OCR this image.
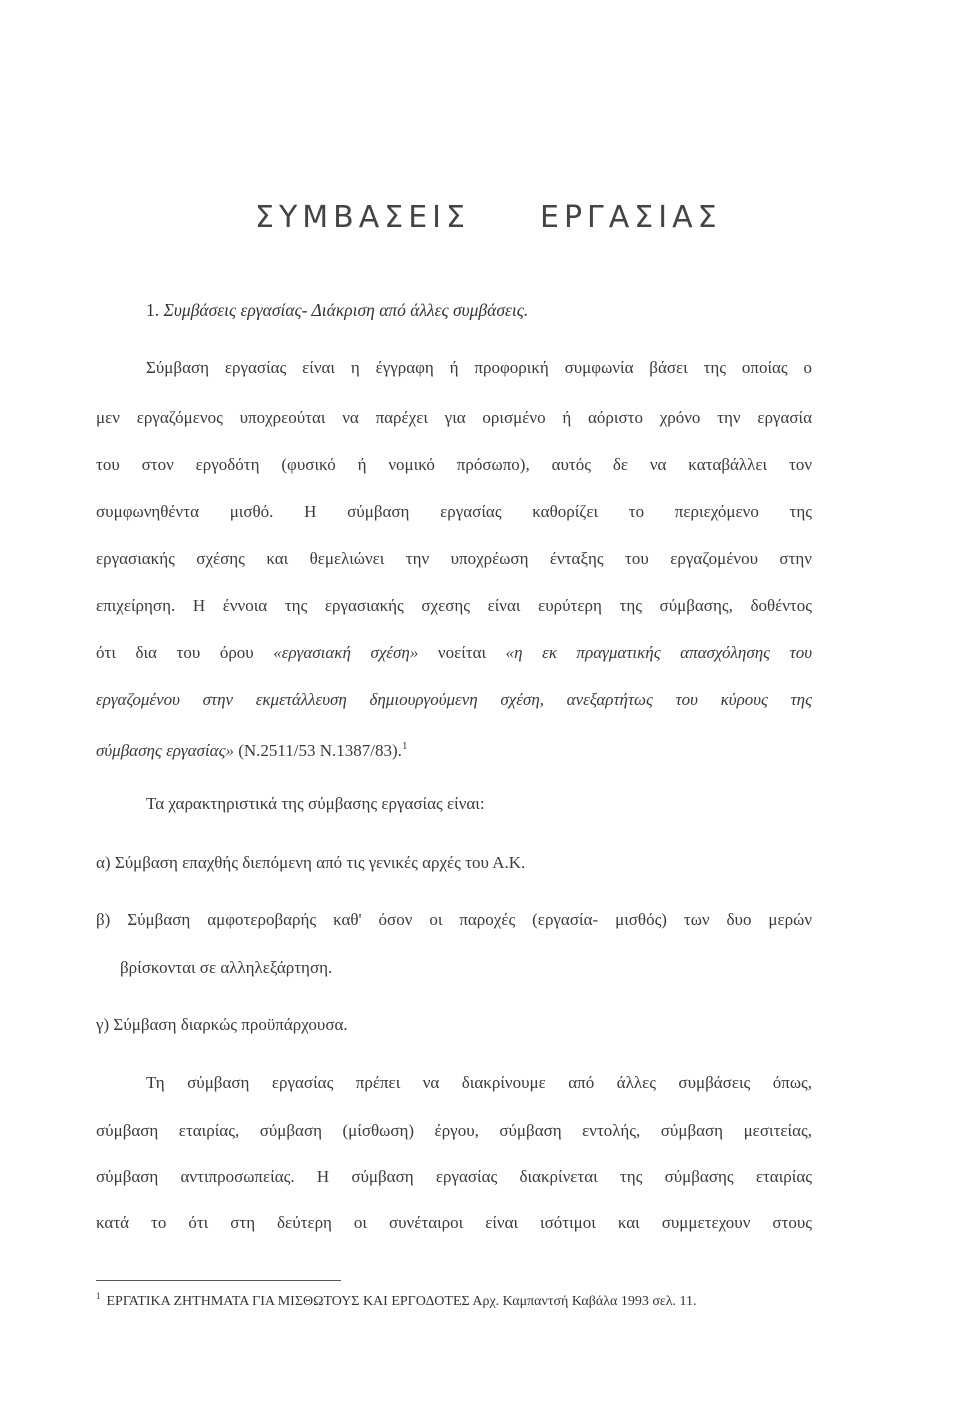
ΣΥΜΒΑΣΕΙΣ ΕΡΓΑΣΙΑΣ
1. Συμβάσεις εργασίας- Διάκριση από άλλες συμβάσεις.
Σύμβαση εργασίας είναι η έγγραφη ή προφορική συμφωνία βάσει της οποίας ο
μεν εργαζόμενος υποχρεούται να παρέχει για ορισμένο ή αόριστο χρόνο την εργασία
του στον εργοδότη (φυσικό ή νομικό πρόσωπο), αυτός δε να καταβάλλει τον
συμφωνηθέντα μισθό. Η σύμβαση εργασίας καθορίζει το περιεχόμενο της
εργασιακής σχέσης και θεμελιώνει την υποχρέωση ένταξης του εργαζομένου στην
επιχείρηση. Η έννοια της εργασιακής σχεσης είναι ευρύτερη της σύμβασης, δοθέντος
ότι δια του όρου «εργασιακή σχέση» νοείται «η εκ πραγματικής απασχόλησης του
εργαζομένου στην εκμετάλλευση δημιουργούμενη σχέση, ανεξαρτήτως του κύρους της
σύμβασης εργασίας» (Ν.2511/53 Ν.1387/83).$^1$
Τα χαρακτηριστικά της σύμβασης εργασίας είναι:
α) Σύμβαση επαχθής διεπόμενη από τις γενικές αρχές του Α.Κ.
β) Σύμβαση αμφοτεροβαρής καθ' όσον οι παροχές (εργασία- μισθός) των δυο μερών
βρίσκονται σε αλληλεξάρτηση.
γ) Σύμβαση διαρκώς προϋπάρχουσα.
Τη σύμβαση εργασίας πρέπει να διακρίνουμε από άλλες συμβάσεις όπως,
σύμβαση εταιρίας, σύμβαση (μίσθωση) έργου, σύμβαση εντολής, σύμβαση μεσιτείας,
σύμβαση αντιπροσωπείας. Η σύμβαση εργασίας διακρίνεται της σύμβασης εταιρίας
κατά το ότι στη δεύτερη οι συνέταιροι είναι ισότιμοι και συμμετεχουν στους
$^1$ ΕΡΓΑΤΙΚΑ ΖΗΤΗΜΑΤΑ ΓΙΑ ΜΙΣΘΩΤΟΥΣ ΚΑΙ ΕΡΓΟΔΟΤΕΣ Αρχ. Καμπαντσή Καβάλα 1993 σελ. 11.
